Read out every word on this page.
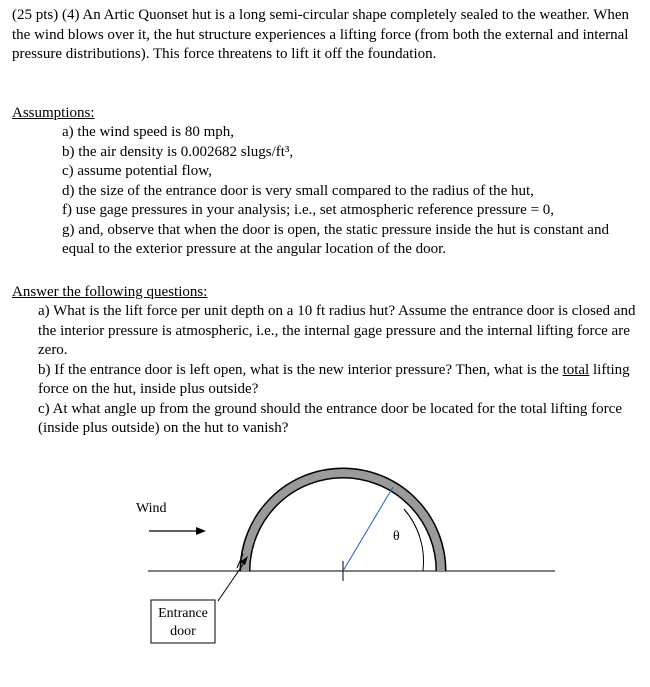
(25 pts) (4) An Artic Quonset hut is a long semi-circular shape completely sealed to the weather. When the wind blows over it, the hut structure experiences a lifting force (from both the external and internal pressure distributions). This force threatens to lift it off the foundation.

Assumptions:

a) the wind speed is 80 mph,
b) the air density is 0.002682 slugs/ft³,
c) assume potential flow,
d) the size of the entrance door is very small compared to the radius of the hut,
f) use gage pressures in your analysis; i.e., set atmospheric reference pressure = 0,
g) and, observe that when the door is open, the static pressure inside the hut is constant and equal to the exterior pressure at the angular location of the door.

Answer the following questions:

a) What is the lift force per unit depth on a 10 ft radius hut? Assume the entrance door is closed and the interior pressure is atmospheric, i.e., the internal gage pressure and the internal lifting force are zero.
b) If the entrance door is left open, what is the new interior pressure? Then, what is the total lifting force on the hut, inside plus outside?
c) At what angle up from the ground should the entrance door be located for the total lifting force (inside plus outside) on the hut to vanish?
θ
Wind
Entrance
door
